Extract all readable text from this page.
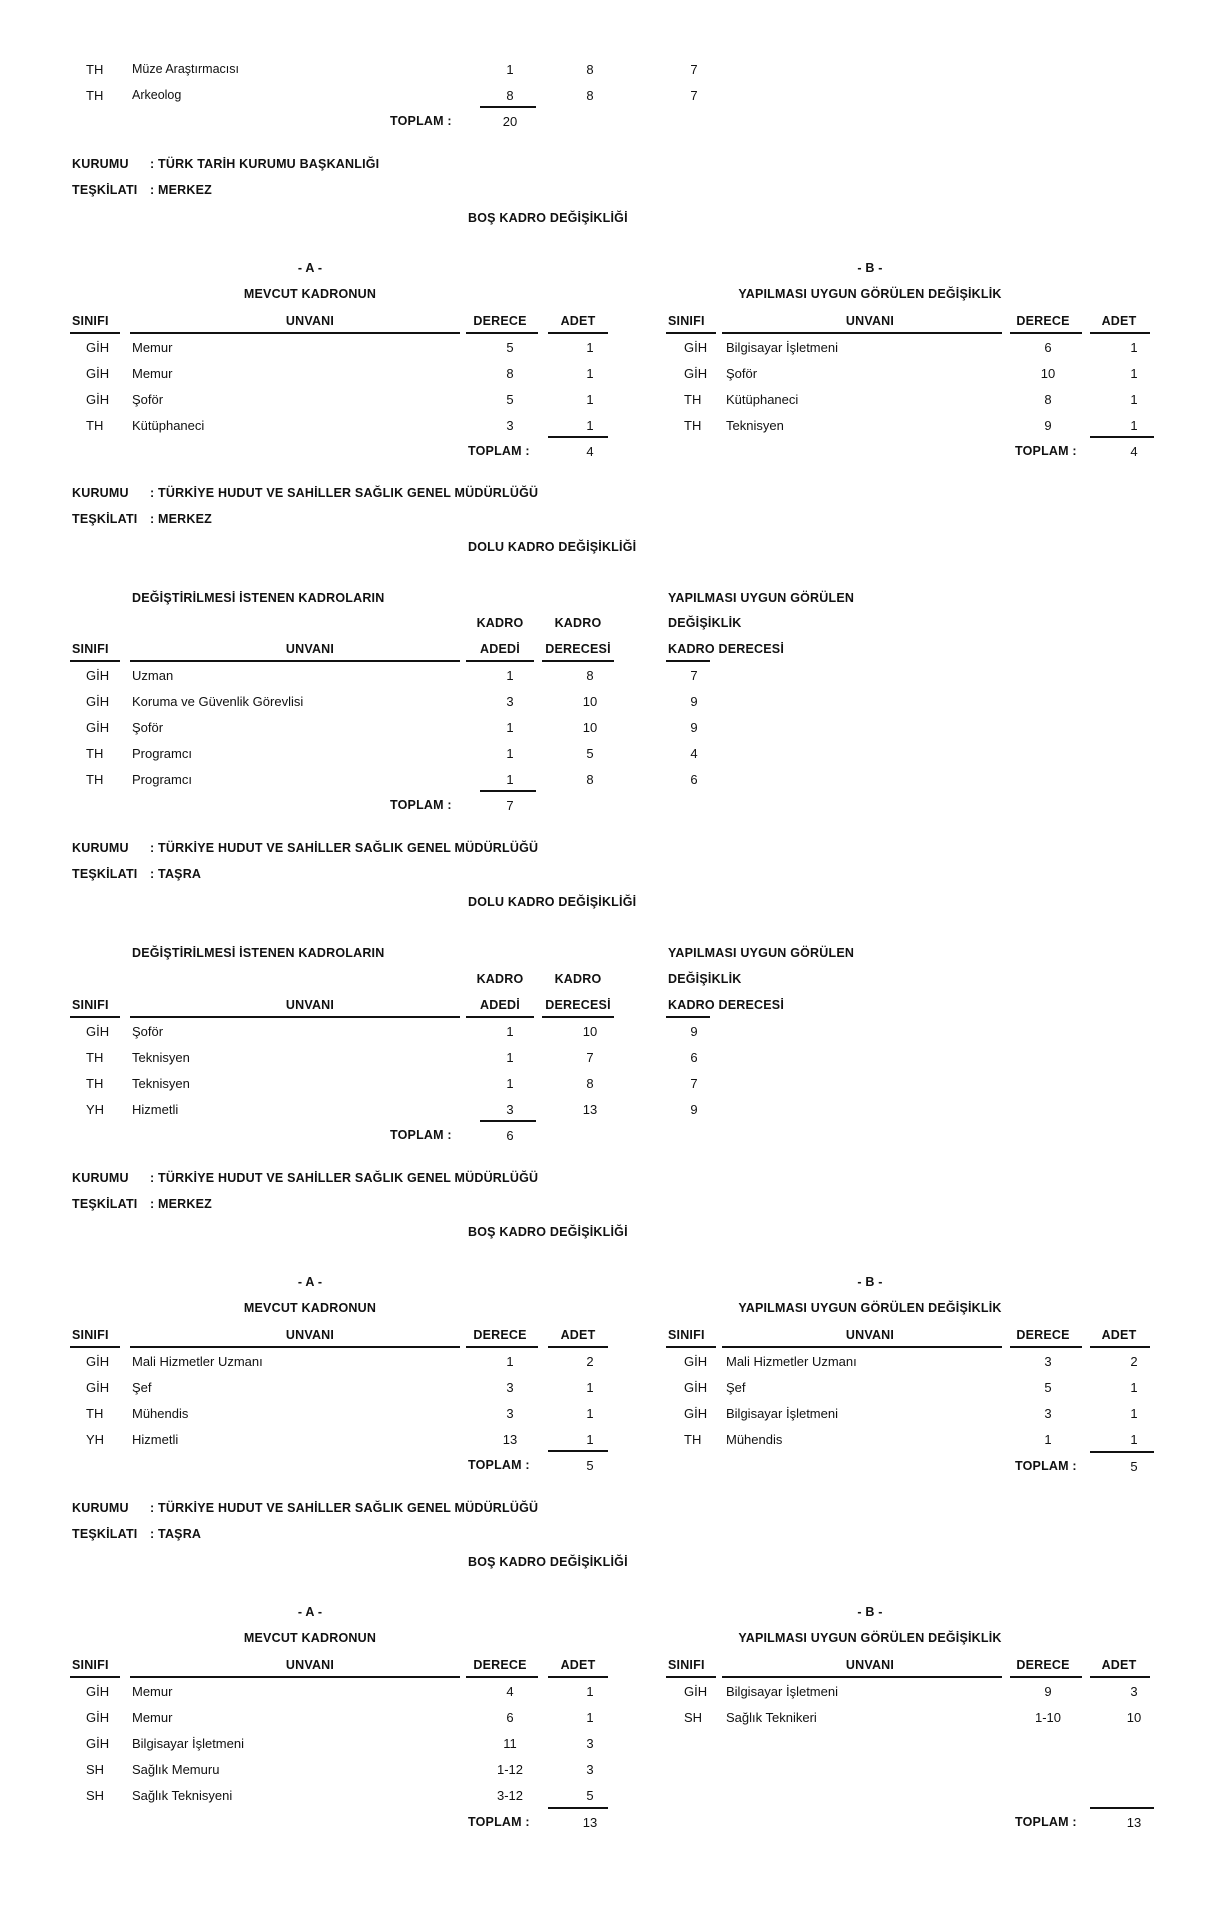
TH Müze Araştırmacısı	1	8	7
TH Arkeolog	8	8	7
TOPLAM :	20
KURUMU : TÜRK TARİH KURUMU BAŞKANLIĞI
TEŞKİLATI : MERKEZ
BOŞ KADRO DEĞİŞİKLİĞİ
- A -
MEVCUT KADRONUN
SINIFI	UNVANI	DERECE	ADET
- B -
YAPILMASI UYGUN GÖRÜLEN DEĞİŞİKLİK
SINIFI	UNVANI	DERECE	ADET
GİH Memur	5	1
GİH Memur	8	1
GİH Şoför	5	1
TH Kütüphaneci	3	1
TOPLAM :	4
GİH Bilgisayar İşletmeni	6	1
GİH Şoför	10	1
TH Kütüphaneci	8	1
TH Teknisyen	9	1
TOPLAM :	4
KURUMU : TÜRKİYE HUDUT VE SAHİLLER SAĞLIK GENEL MÜDÜRLÜĞÜ
TEŞKİLATI : MERKEZ
DOLU KADRO DEĞİŞİKLİĞİ
DEĞİŞTİRİLMESİ İSTENEN KADROLARIN
KADRO	KADRO
SINIFI	UNVANI	ADEDİ	DERECESİ
YAPILMASI UYGUN GÖRÜLEN
DEĞİŞİKLİK
KADRO DERECESİ
GİH Uzman	1	8	7
GİH Koruma ve Güvenlik Görevlisi	3	10	9
GİH Şoför	1	10	9
TH Programcı	1	5	4
TH Programcı	1	8	6
TOPLAM :	7
KURUMU : TÜRKİYE HUDUT VE SAHİLLER SAĞLIK GENEL MÜDÜRLÜĞÜ
TEŞKİLATI : TAŞRA
DOLU KADRO DEĞİŞİKLİĞİ
DEĞİŞTİRİLMESİ İSTENEN KADROLARIN
KADRO	KADRO
SINIFI	UNVANI	ADEDİ	DERECESİ
YAPILMASI UYGUN GÖRÜLEN
DEĞİŞİKLİK
KADRO DERECESİ
GİH Şoför	1	10	9
TH Teknisyen	1	7	6
TH Teknisyen	1	8	7
YH Hizmetli	3	13	9
TOPLAM :	6
KURUMU : TÜRKİYE HUDUT VE SAHİLLER SAĞLIK GENEL MÜDÜRLÜĞÜ
TEŞKİLATI : MERKEZ
BOŞ KADRO DEĞİŞİKLİĞİ
- A -
MEVCUT KADRONUN
SINIFI	UNVANI	DERECE	ADET
- B -
YAPILMASI UYGUN GÖRÜLEN DEĞİŞİKLİK
SINIFI	UNVANI	DERECE	ADET
GİH Mali Hizmetler Uzmanı	1	2
GİH Şef	3	1
TH Mühendis	3	1
YH Hizmetli	13	1
TOPLAM :	5
GİH Mali Hizmetler Uzmanı	3	2
GİH Şef	5	1
GİH Bilgisayar İşletmeni	3	1
TH Mühendis	1	1
TOPLAM :	5
KURUMU : TÜRKİYE HUDUT VE SAHİLLER SAĞLIK GENEL MÜDÜRLÜĞÜ
TEŞKİLATI : TAŞRA
BOŞ KADRO DEĞİŞİKLİĞİ
- A -
MEVCUT KADRONUN
SINIFI	UNVANI	DERECE	ADET
- B -
YAPILMASI UYGUN GÖRÜLEN DEĞİŞİKLİK
SINIFI	UNVANI	DERECE	ADET
GİH Memur	4	1
GİH Memur	6	1
GİH Bilgisayar İşletmeni	11	3
SH Sağlık Memuru	1-12	3
SH Sağlık Teknisyeni	3-12	5
TOPLAM :	13
GİH Bilgisayar İşletmeni	9	3
SH Sağlık Teknikeri	1-10	10
TOPLAM :	13
